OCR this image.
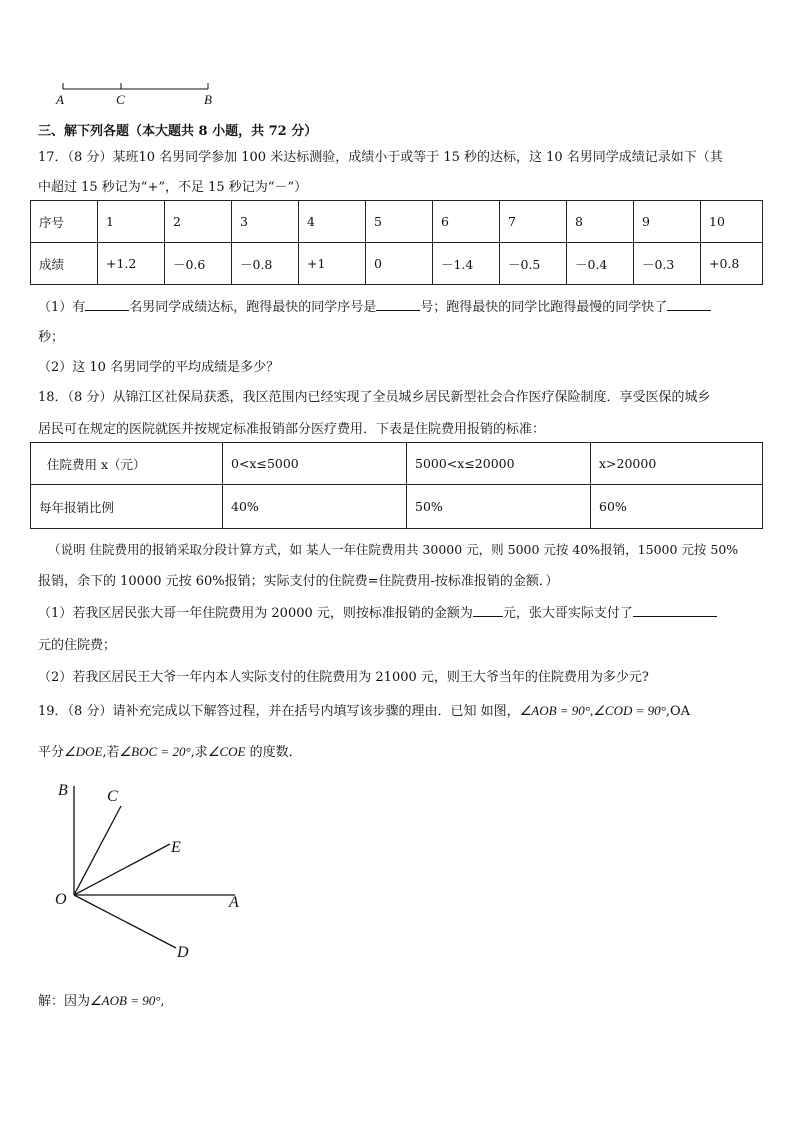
A	C	B
三、解下列各题（本大题共 8 小题，共 72 分）
17．（8 分）某班10 名男同学参加 100 米达标测验，成绩小于或等于 15 秒的达标，这 10 名男同学成绩记录如下（其
中超过 15 秒记为“+”，不足 15 秒记为“－”）
序号	1	2	3	4	5	6	7	8	9	10
成绩	+1.2	－0.6	－0.8	+1	0	－1.4	－0.5	－0.4	－0.3	+0.8
（1）有	名男同学成绩达标，跑得最快的同学序号是	号；跑得最快的同学比跑得最慢的同学快了
秒；
（2）这 10 名男同学的平均成绩是多少？
18．（8 分）从锦江区社保局获悉，我区范围内已经实现了全员城乡居民新型社会合作医疗保险制度．享受医保的城乡
居民可在规定的医院就医并按规定标准报销部分医疗费用．下表是住院费用报销的标准：
住院费用 x（元）	0<x≤5000	5000<x≤20000	x>20000
每年报销比例	40%	50%	60%
（说明 住院费用的报销采取分段计算方式，如 某人一年住院费用共 30000 元，则 5000 元按 40%报销，15000 元按 50%
报销，余下的 10000 元按 60%报销；实际支付的住院费=住院费用-按标准报销的金额．）
（1）若我区居民张大哥一年住院费用为 20000 元，则按标准报销的金额为 元，张大哥实际支付了
元的住院费；
（2）若我区居民王大爷一年内本人实际支付的住院费用为 21000 元，则王大爷当年的住院费用为多少元?
19．（8 分）请补充完成以下解答过程，并在括号内填写该步骤的理由．已知 如图，∠AOB = 90°,∠COD = 90°,OA
平分∠DOE,若∠BOC = 20°,求∠COE 的度数．
B C
E
O	A
D
解：因为∠AOB = 90°,
